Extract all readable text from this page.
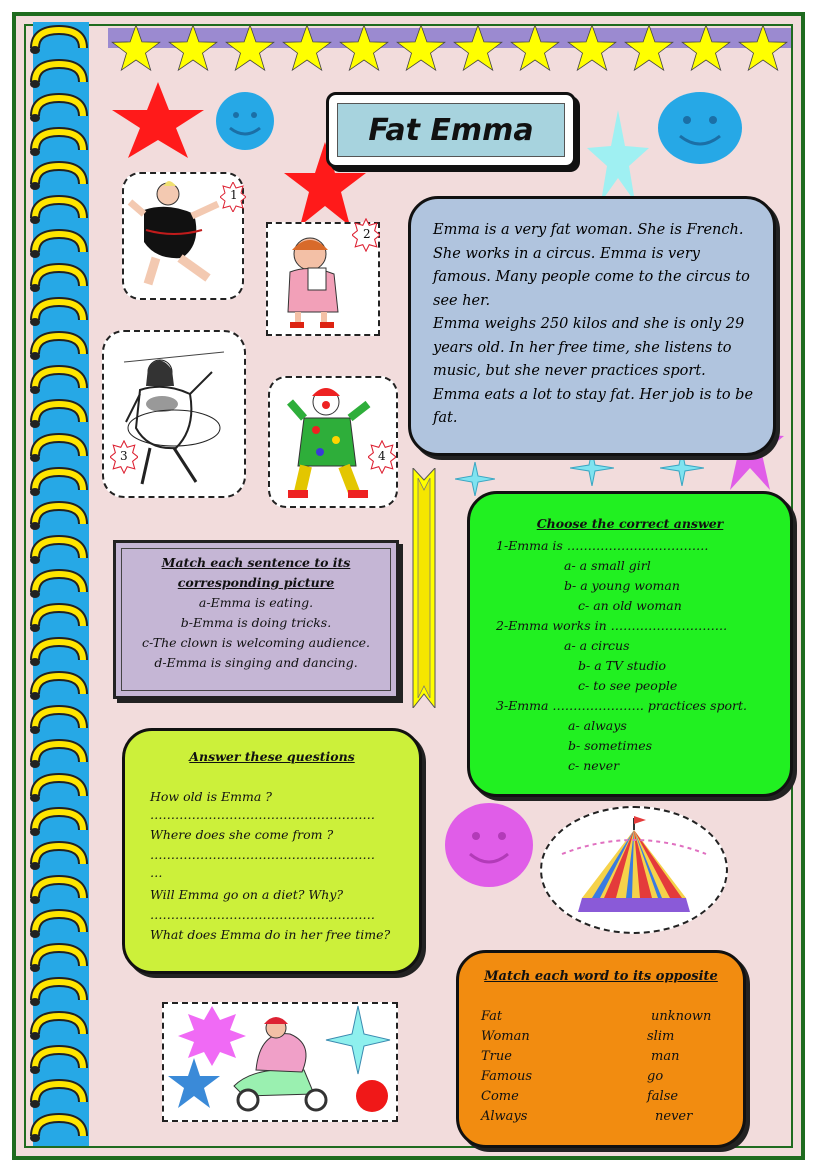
Fat Emma
1
2
3	4

Emma is a very fat woman. She is French. She works in a circus. Emma is very famous. Many people come to the circus to see her.
Emma weighs 250 kilos and she is only 29 years old. In her free time, she listens to music, but she never practices sport. Emma eats a lot to stay fat. Her job is to be fat.

Match each sentence to its
corresponding picture
a-Emma is eating.
b-Emma is doing tricks.
c-The clown is welcoming audience.
d-Emma is singing and dancing.
Choose the correct answer
1-Emma is …………………………….
a- a small girl
b- a young woman
c- an old woman
2-Emma works in ……………………….
a- a circus
b- a TV studio
c- to see people
3-Emma …………………. practices sport.
a- always
b- sometimes
c- never
Answer these questions
How old is Emma ?
………………………………………………
Where does she come from ?
………………………………………………
…
Will Emma go on a diet? Why?
………………………………………………
What does Emma do in her free time?
Match each word to its opposite
Fat
Woman
True
Famous
Come
Always
unknown
slim
man
go
false
never
